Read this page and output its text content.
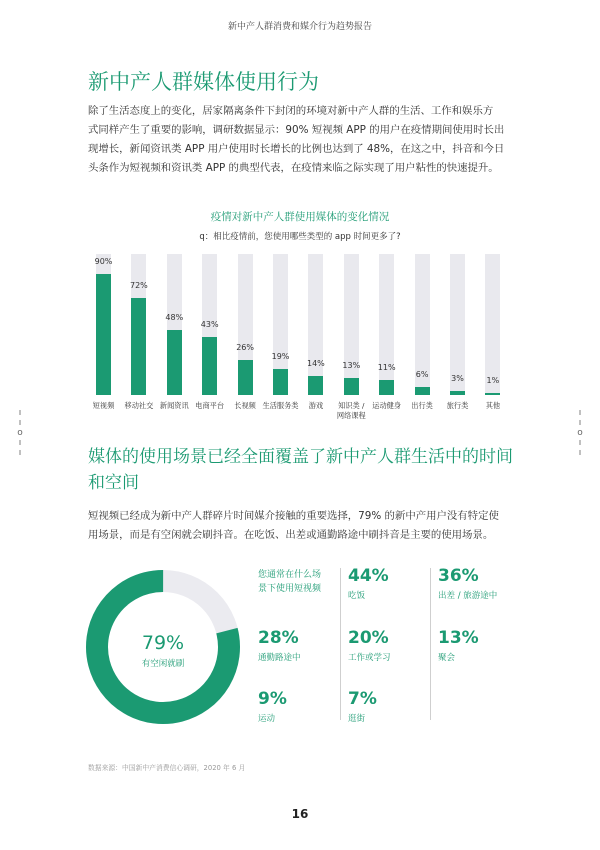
新中产人群消费和媒介行为趋势报告
新中产人群媒体使用行为
除了生活态度上的变化，居家隔离条件下封闭的环境对新中产人群的生活、工作和娱乐方
式同样产生了重要的影响，调研数据显示：90% 短视频 APP 的用户在疫情期间使用时长出
现增长，新闻资讯类 APP 用户使用时长增长的比例也达到了 48%，在这之中，抖音和今日
头条作为短视频和资讯类 APP 的典型代表，在疫情来临之际实现了用户粘性的快速提升。
疫情对新中产人群使用媒体的变化情况
q：相比疫情前，您使用哪些类型的 app 时间更多了?
90%
短视频
72%
移动社交
48%
新闻资讯
43%
电商平台
26%
长视频
19%
生活服务类
14%
游戏
13%
知识类 /
网络课程
11%
运动健身
6%
出行类
3%
旅行类
1%
其他
ı
ı
o
ı
ı
ı
ı
o
ı
ı
媒体的使用场景已经全面覆盖了新中产人群生活中的时间和空间
短视频已经成为新中产人群碎片时间媒介接触的重要选择，79% 的新中产用户没有特定使
用场景，而是有空闲就会刷抖音。在吃饭、出差或通勤路途中刷抖音是主要的使用场景。
79%
有空闲就刷
您通常在什么场
景下使用短视频
44%
吃饭
36%
出差 / 旅游途中
28%
通勤路途中
20%
工作或学习
13%
聚会
9%
运动
7%
逛街
数据来源：中国新中产消费信心调研，2020 年 6 月
16
